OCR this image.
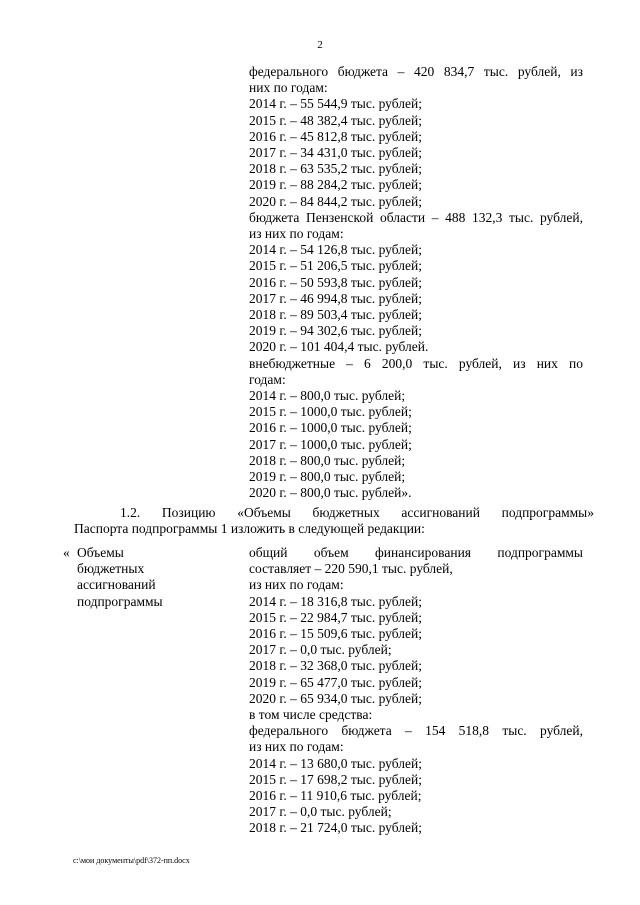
2
федерального бюджета – 420 834,7 тыс. рублей, из
них по годам:
2014 г. – 55 544,9 тыс. рублей;
2015 г. – 48 382,4 тыс. рублей;
2016 г. – 45 812,8 тыс. рублей;
2017 г. – 34 431,0 тыс. рублей;
2018 г. – 63 535,2 тыс. рублей;
2019 г. – 88 284,2 тыс. рублей;
2020 г. – 84 844,2 тыс. рублей;
бюджета Пензенской области – 488 132,3 тыс. рублей,
из них по годам:
2014 г. – 54 126,8 тыс. рублей;
2015 г. – 51 206,5 тыс. рублей;
2016 г. – 50 593,8 тыс. рублей;
2017 г. – 46 994,8 тыс. рублей;
2018 г. – 89 503,4 тыс. рублей;
2019 г. – 94 302,6 тыс. рублей;
2020 г. – 101 404,4 тыс. рублей.
внебюджетные – 6 200,0 тыс. рублей, из них по
годам:
2014 г. – 800,0 тыс. рублей;
2015 г. – 1000,0 тыс. рублей;
2016 г. – 1000,0 тыс. рублей;
2017 г. – 1000,0 тыс. рублей;
2018 г. – 800,0 тыс. рублей;
2019 г. – 800,0 тыс. рублей;
2020 г. – 800,0 тыс. рублей».
1.2. Позицию «Объемы бюджетных ассигнований подпрограммы»
Паспорта подпрограммы 1 изложить в следующей редакции:
« Объемы
бюджетных
ассигнований
подпрограммы
общий объем финансирования подпрограммы
составляет – 220 590,1 тыс. рублей,
из них по годам:
2014 г. – 18 316,8 тыс. рублей;
2015 г. – 22 984,7 тыс. рублей;
2016 г. – 15 509,6 тыс. рублей;
2017 г. – 0,0 тыс. рублей;
2018 г. – 32 368,0 тыс. рублей;
2019 г. – 65 477,0 тыс. рублей;
2020 г. – 65 934,0 тыс. рублей;
в том числе средства:
федерального бюджета – 154 518,8 тыс. рублей,
из них по годам:
2014 г. – 13 680,0 тыс. рублей;
2015 г. – 17 698,2 тыс. рублей;
2016 г. – 11 910,6 тыс. рублей;
2017 г. – 0,0 тыс. рублей;
2018 г. – 21 724,0 тыс. рублей;
c:\мои документы\pdf\372-пп.docx
